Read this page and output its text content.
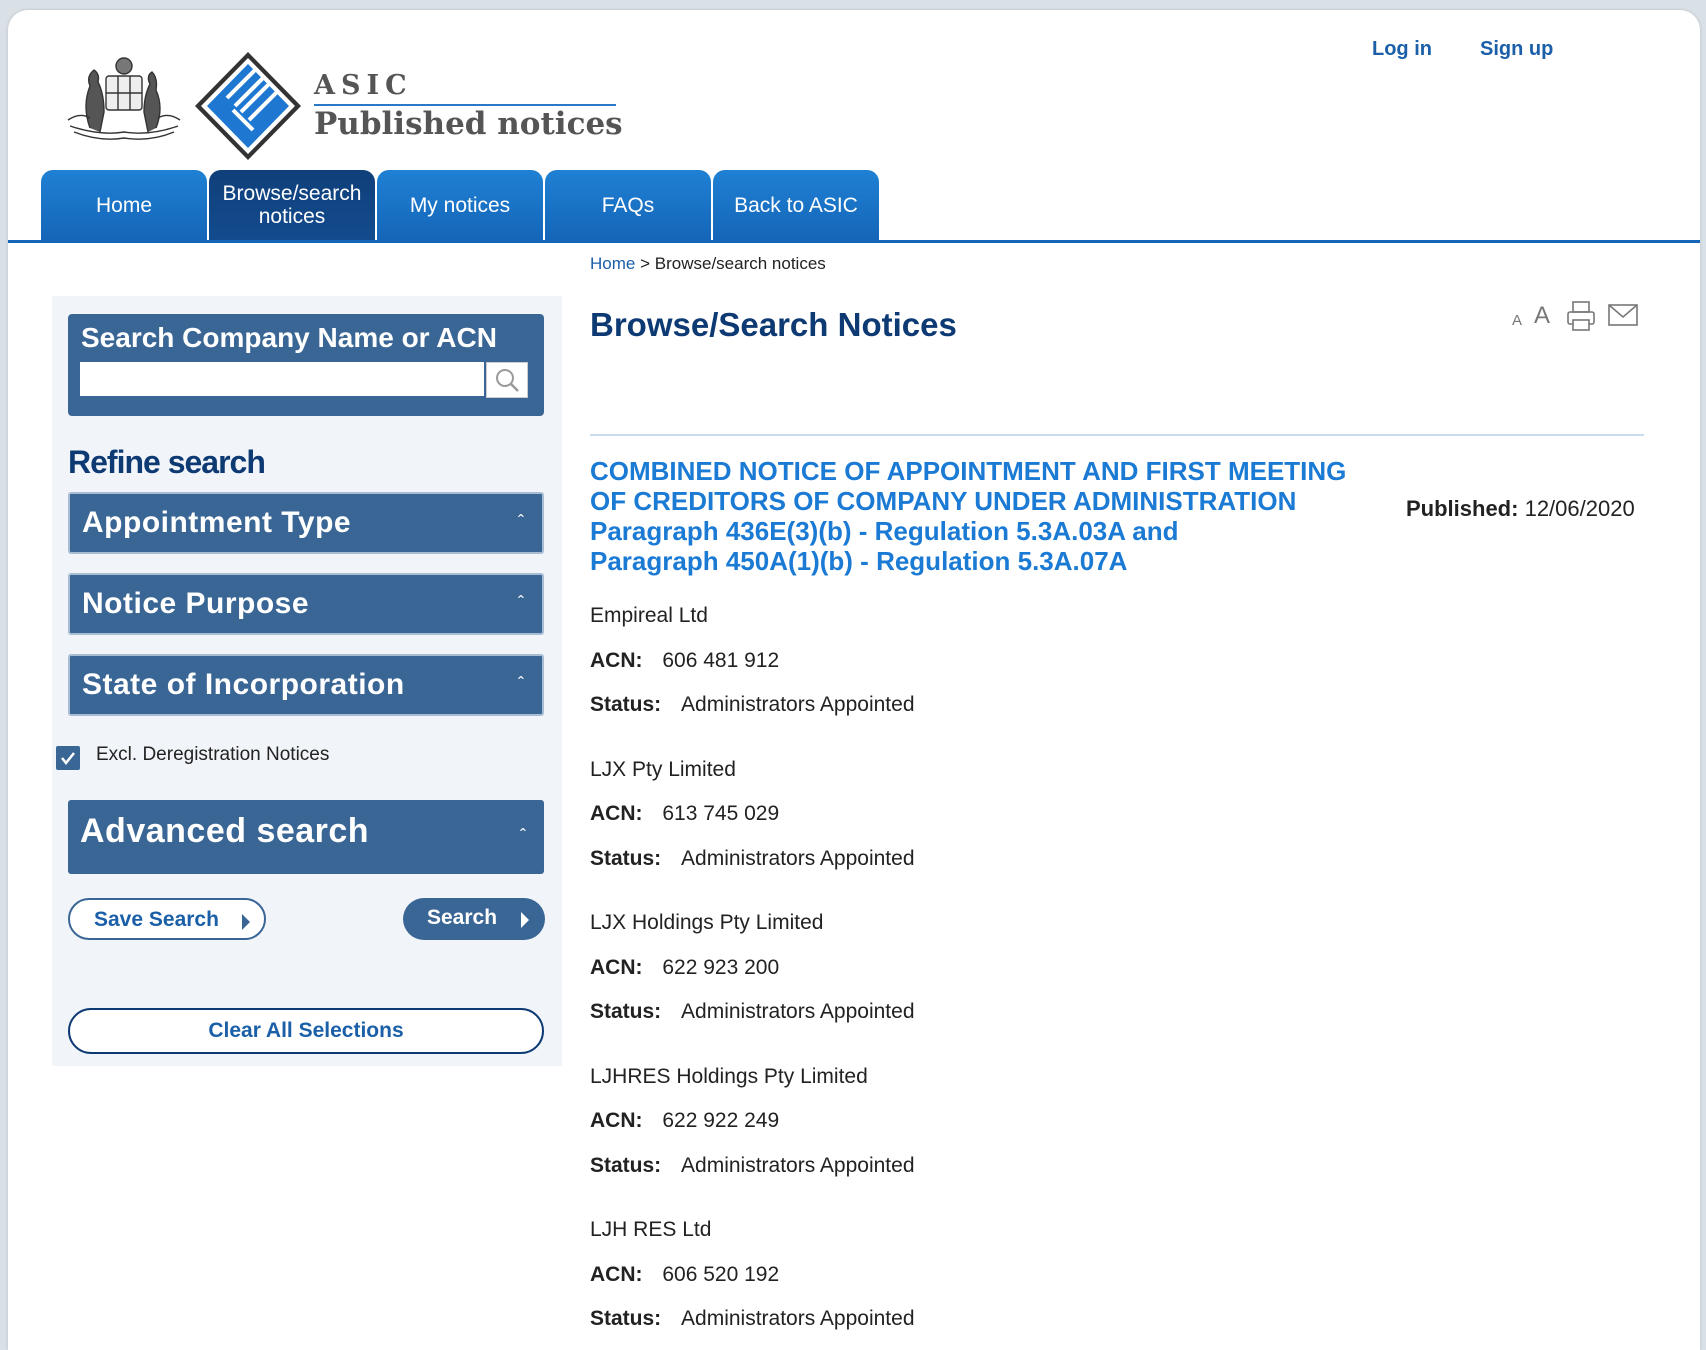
ASIC
Published notices
Log in Sign up
Home	Browse/search notices	My notices	FAQs	Back to ASIC
Home > Browse/search notices
Search Company Name or ACN
Refine search
Appointment Type	ˆ
Notice Purpose	ˆ
State of Incorporation	ˆ
Excl. Deregistration Notices
Advanced search	ˆ
Save Search	Search
Clear All Selections
Browse/Search Notices	A A
COMBINED NOTICE OF APPOINTMENT AND FIRST MEETING
OF CREDITORS OF COMPANY UNDER ADMINISTRATION
Paragraph 436E(3)(b) - Regulation 5.3A.03A and
Paragraph 450A(1)(b) - Regulation 5.3A.07A
Published: 12/06/2020
Empireal Ltd
ACN: 606 481 912
Status: Administrators Appointed
LJX Pty Limited
ACN: 613 745 029
Status: Administrators Appointed
LJX Holdings Pty Limited
ACN: 622 923 200
Status: Administrators Appointed
LJHRES Holdings Pty Limited
ACN: 622 922 249
Status: Administrators Appointed
LJH RES Ltd
ACN: 606 520 192
Status: Administrators Appointed
